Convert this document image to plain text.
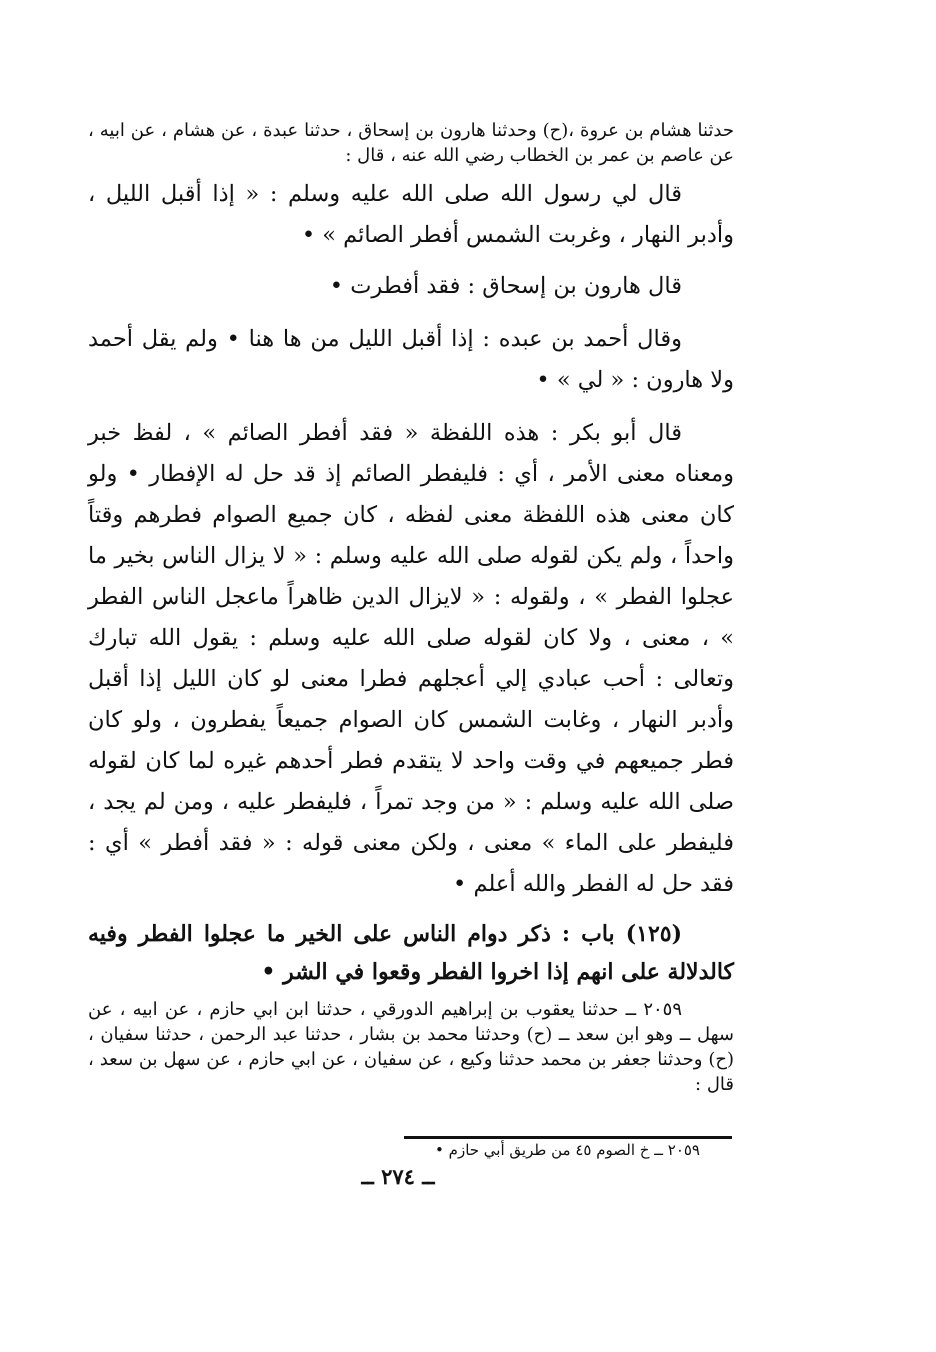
حدثنا هشام بن عروة ،(ح) وحدثنا هارون بن إسحاق ، حدثنا عبدة ، عن هشام ، عن ابيه ، عن عاصم بن عمر بن الخطاب رضي الله عنه ، قال :

قال لي رسول الله صلى الله عليه وسلم : « إذا أقبل الليل ، وأدبر النهار ، وغربت الشمس أفطر الصائم » •

قال هارون بن إسحاق : فقد أفطرت •

وقال أحمد بن عبده : إذا أقبل الليل من ها هنا • ولم يقل أحمد ولا هارون : « لي » •

قال أبو بكر : هذه اللفظة « فقد أفطر الصائم » ، لفظ خبر ومعناه معنى الأمر ، أي : فليفطر الصائم إذ قد حل له الإفطار • ولو كان معنى هذه اللفظة معنى لفظه ، كان جميع الصوام فطرهم وقتاً واحداً ، ولم يكن لقوله صلى الله عليه وسلم : « لا يزال الناس بخير ما عجلوا الفطر » ، ولقوله : « لايزال الدين ظاهراً ماعجل الناس الفطر » ، معنى ، ولا كان لقوله صلى الله عليه وسلم : يقول الله تبارك وتعالى : أحب عبادي إلي أعجلهم فطرا معنى لو كان الليل إذا أقبل وأدبر النهار ، وغابت الشمس كان الصوام جميعاً يفطرون ، ولو كان فطر جميعهم في وقت واحد لا يتقدم فطر أحدهم غيره لما كان لقوله صلى الله عليه وسلم : « من وجد تمراً ، فليفطر عليه ، ومن لم يجد ، فليفطر على الماء » معنى ، ولكن معنى قوله : « فقد أفطر » أي : فقد حل له الفطر والله أعلم •

(١٢٥) باب : ذكر دوام الناس على الخير ما عجلوا الفطر وفيه كالدلالة على انهم إذا اخروا الفطر وقعوا في الشر •

٢٠٥٩ ــ حدثنا يعقوب بن إبراهيم الدورقي ، حدثنا ابن ابي حازم ، عن ابيه ، عن سهل ــ وهو ابن سعد ــ (ح) وحدثنا محمد بن بشار ، حدثنا عبد الرحمن ، حدثنا سفيان ، (ح) وحدثنا جعفر بن محمد حدثنا وكيع ، عن سفيان ، عن ابي حازم ، عن سهل بن سعد ، قال :

٢٠٥٩ ــ خ الصوم ٤٥ من طريق أبي حازم •

ــ ٢٧٤ ــ
